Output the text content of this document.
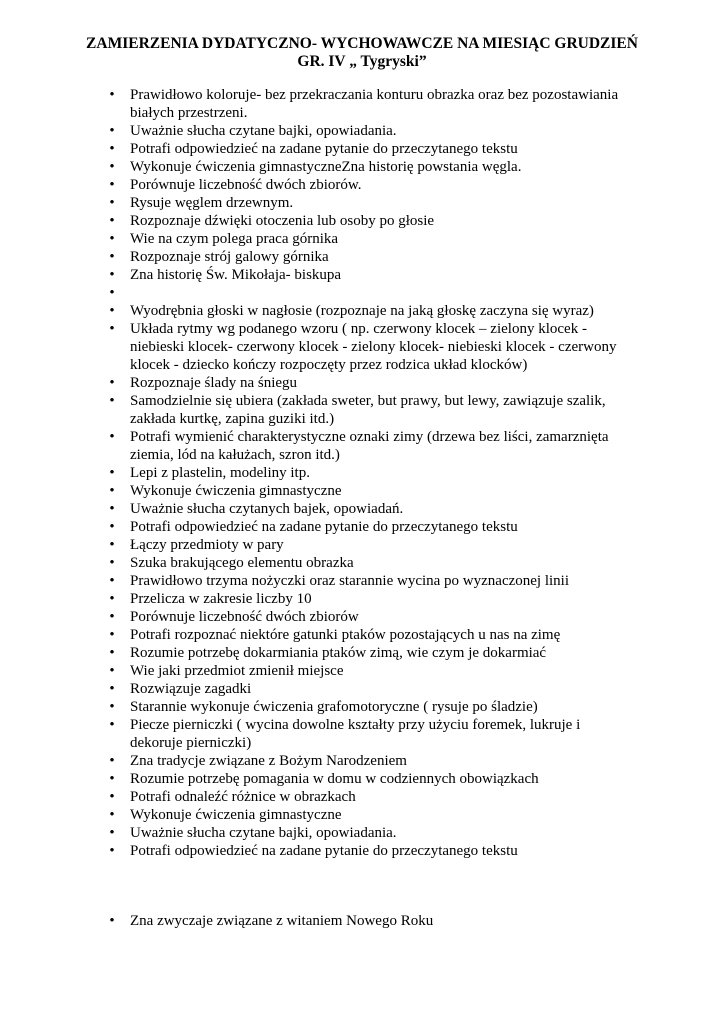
ZAMIERZENIA DYDATYCZNO- WYCHOWAWCZE NA MIESIĄC GRUDZIEŃ
GR. IV „ Tygryski”
• Prawidłowo koloruje- bez przekraczania konturu obrazka oraz bez pozostawiania białych przestrzeni.
• Uważnie słucha czytane bajki, opowiadania.
• Potrafi odpowiedzieć na zadane pytanie do przeczytanego tekstu
• Wykonuje ćwiczenia gimnastyczneZna historię powstania węgla.
• Porównuje liczebność dwóch zbiorów.
• Rysuje węglem drzewnym.
• Rozpoznaje dźwięki otoczenia lub osoby po głosie
• Wie na czym polega praca górnika
• Rozpoznaje strój galowy górnika
• Zna historię Św. Mikołaja- biskupa
•
• Wyodrębnia głoski w nagłosie (rozpoznaje na jaką głoskę zaczyna się wyraz)
• Układa rytmy wg podanego wzoru ( np. czerwony klocek – zielony klocek - niebieski klocek- czerwony klocek - zielony klocek- niebieski klocek - czerwony klocek - dziecko kończy rozpoczęty przez rodzica układ klocków)
• Rozpoznaje ślady na śniegu
• Samodzielnie się ubiera (zakłada sweter, but prawy, but lewy, zawiązuje szalik, zakłada kurtkę, zapina guziki itd.)
• Potrafi wymienić charakterystyczne oznaki zimy (drzewa bez liści, zamarznięta ziemia, lód na kałużach, szron itd.)
• Lepi z plastelin, modeliny itp.
• Wykonuje ćwiczenia gimnastyczne
• Uważnie słucha czytanych bajek, opowiadań.
• Potrafi odpowiedzieć na zadane pytanie do przeczytanego tekstu
• Łączy przedmioty w pary
• Szuka brakującego elementu obrazka
• Prawidłowo trzyma nożyczki oraz starannie wycina po wyznaczonej linii
• Przelicza w zakresie liczby 10
• Porównuje liczebność dwóch zbiorów
• Potrafi rozpoznać niektóre gatunki ptaków pozostających u nas na zimę
• Rozumie potrzebę dokarmiania ptaków zimą, wie czym je dokarmiać
• Wie jaki przedmiot zmienił miejsce
• Rozwiązuje zagadki
• Starannie wykonuje ćwiczenia grafomotoryczne ( rysuje po śladzie)
• Piecze pierniczki ( wycina dowolne kształty przy użyciu foremek, lukruje i dekoruje pierniczki)
• Zna tradycje związane z Bożym Narodzeniem
• Rozumie potrzebę pomagania w domu w codziennych obowiązkach
• Potrafi odnaleźć różnice w obrazkach
• Wykonuje ćwiczenia gimnastyczne
• Uważnie słucha czytane bajki, opowiadania.
• Potrafi odpowiedzieć na zadane pytanie do przeczytanego tekstu
• Zna zwyczaje związane z witaniem Nowego Roku
